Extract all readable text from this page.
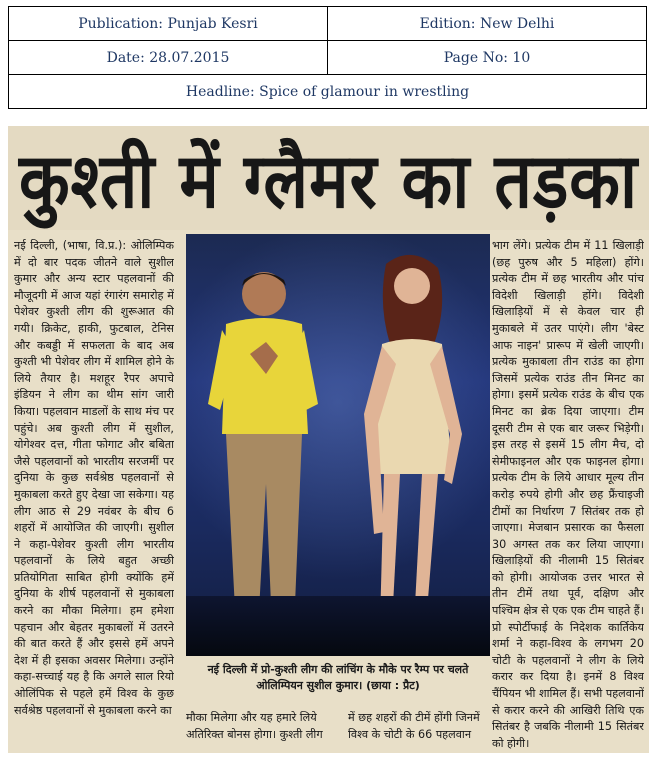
Publication: Punjab Kesri	Edition: New Delhi
Date: 28.07.2015	Page No: 10
Headline: Spice of glamour in wrestling	
कुश्ती में ग्लैमर का तड़का
नई दिल्ली, (भाषा, वि.प्र.): ओलिम्पिक में दो बार पदक जीतने वाले सुशील कुमार और अन्य स्टार पहलवानों की मौजूदगी में आज यहां रंगारंग समारोह में पेशेवर कुश्ती लीग की शुरूआत की गयी। क्रिकेट, हाकी, फुटबाल, टेनिस और कबड्डी में सफलता के बाद अब कुश्ती भी पेशेवर लीग में शामिल होने के लिये तैयार है। मशहूर रैपर अपाचे इंडियन ने लीग का थीम सांग जारी किया। पहलवान माडलों के साथ मंच पर पहुंचे। अब कुश्ती लीग में सुशील, योगेश्वर दत्त, गीता फोगाट और बबिता जैसे पहलवानों को भारतीय सरजमीं पर दुनिया के कुछ सर्वश्रेष्ठ पहलवानों से मुकाबला करते हुए देखा जा सकेगा। यह लीग आठ से 29 नवंबर के बीच 6 शहरों में आयोजित की जाएगी। सुशील ने कहा-पेशेवर कुश्ती लीग भारतीय पहलवानों के लिये बहुत अच्छी प्रतियोगिता साबित होगी क्योंकि हमें दुनिया के शीर्ष पहलवानों से मुकाबला करने का मौका मिलेगा। हम हमेशा पहचान और बेहतर मुकाबलों में उतरने की बात करते हैं और इससे हमें अपने देश में ही इसका अवसर मिलेगा। उन्होंने कहा-सच्चाई यह है कि अगले साल रियो ओलिंपिक से पहले हमें विश्व के कुछ सर्वश्रेष्ठ पहलवानों से मुकाबला करने का
नई दिल्ली में प्रो-कुश्ती लीग की लांचिंग के मौके पर रैम्प पर चलते ओलिम्पियन सुशील कुमार। (छाया : प्रैट)
मौका मिलेगा और यह हमारे लिये अतिरिक्त बोनस होगा। कुश्ती लीग
में छह शहरों की टीमें होंगी जिनमें विश्व के चोटी के 66 पहलवान
भाग लेंगे। प्रत्येक टीम में 11 खिलाड़ी (छह पुरुष और 5 महिला) होंगे। प्रत्येक टीम में छह भारतीय और पांच विदेशी खिलाड़ी होंगे। विदेशी खिलाड़ियों में से केवल चार ही मुकाबले में उतर पाएंगे। लीग 'बेस्ट आफ नाइन' प्रारूप में खेली जाएगी। प्रत्येक मुकाबला तीन राउंड का होगा जिसमें प्रत्येक राउंड तीन मिनट का होगा। इसमें प्रत्येक राउंड के बीच एक मिनट का ब्रेक दिया जाएगा। टीम दूसरी टीम से एक बार जरूर भिड़ेगी। इस तरह से इसमें 15 लीग मैच, दो सेमीफाइनल और एक फाइनल होगा। प्रत्येक टीम के लिये आधार मूल्य तीन करोड़ रुपये होगी और छह फ्रैंचाइजी टीमों का निर्धारण 7 सितंबर तक हो जाएगा। मेजबान प्रसारक का फैसला 30 अगस्त तक कर लिया जाएगा। खिलाड़ियों की नीलामी 15 सितंबर को होगी। आयोजक उत्तर भारत से तीन टीमें तथा पूर्व, दक्षिण और पश्चिम क्षेत्र से एक एक टीम चाहते हैं। प्रो स्पोर्टीफाई के निदेशक कार्तिकेय शर्मा ने कहा-विश्व के लगभग 20 चोटी के पहलवानों ने लीग के लिये करार कर दिया है। इनमें 8 विश्व चैंपियन भी शामिल हैं। सभी पहलवानों से करार करने की आखिरी तिथि एक सितंबर है जबकि नीलामी 15 सितंबर को होगी।
